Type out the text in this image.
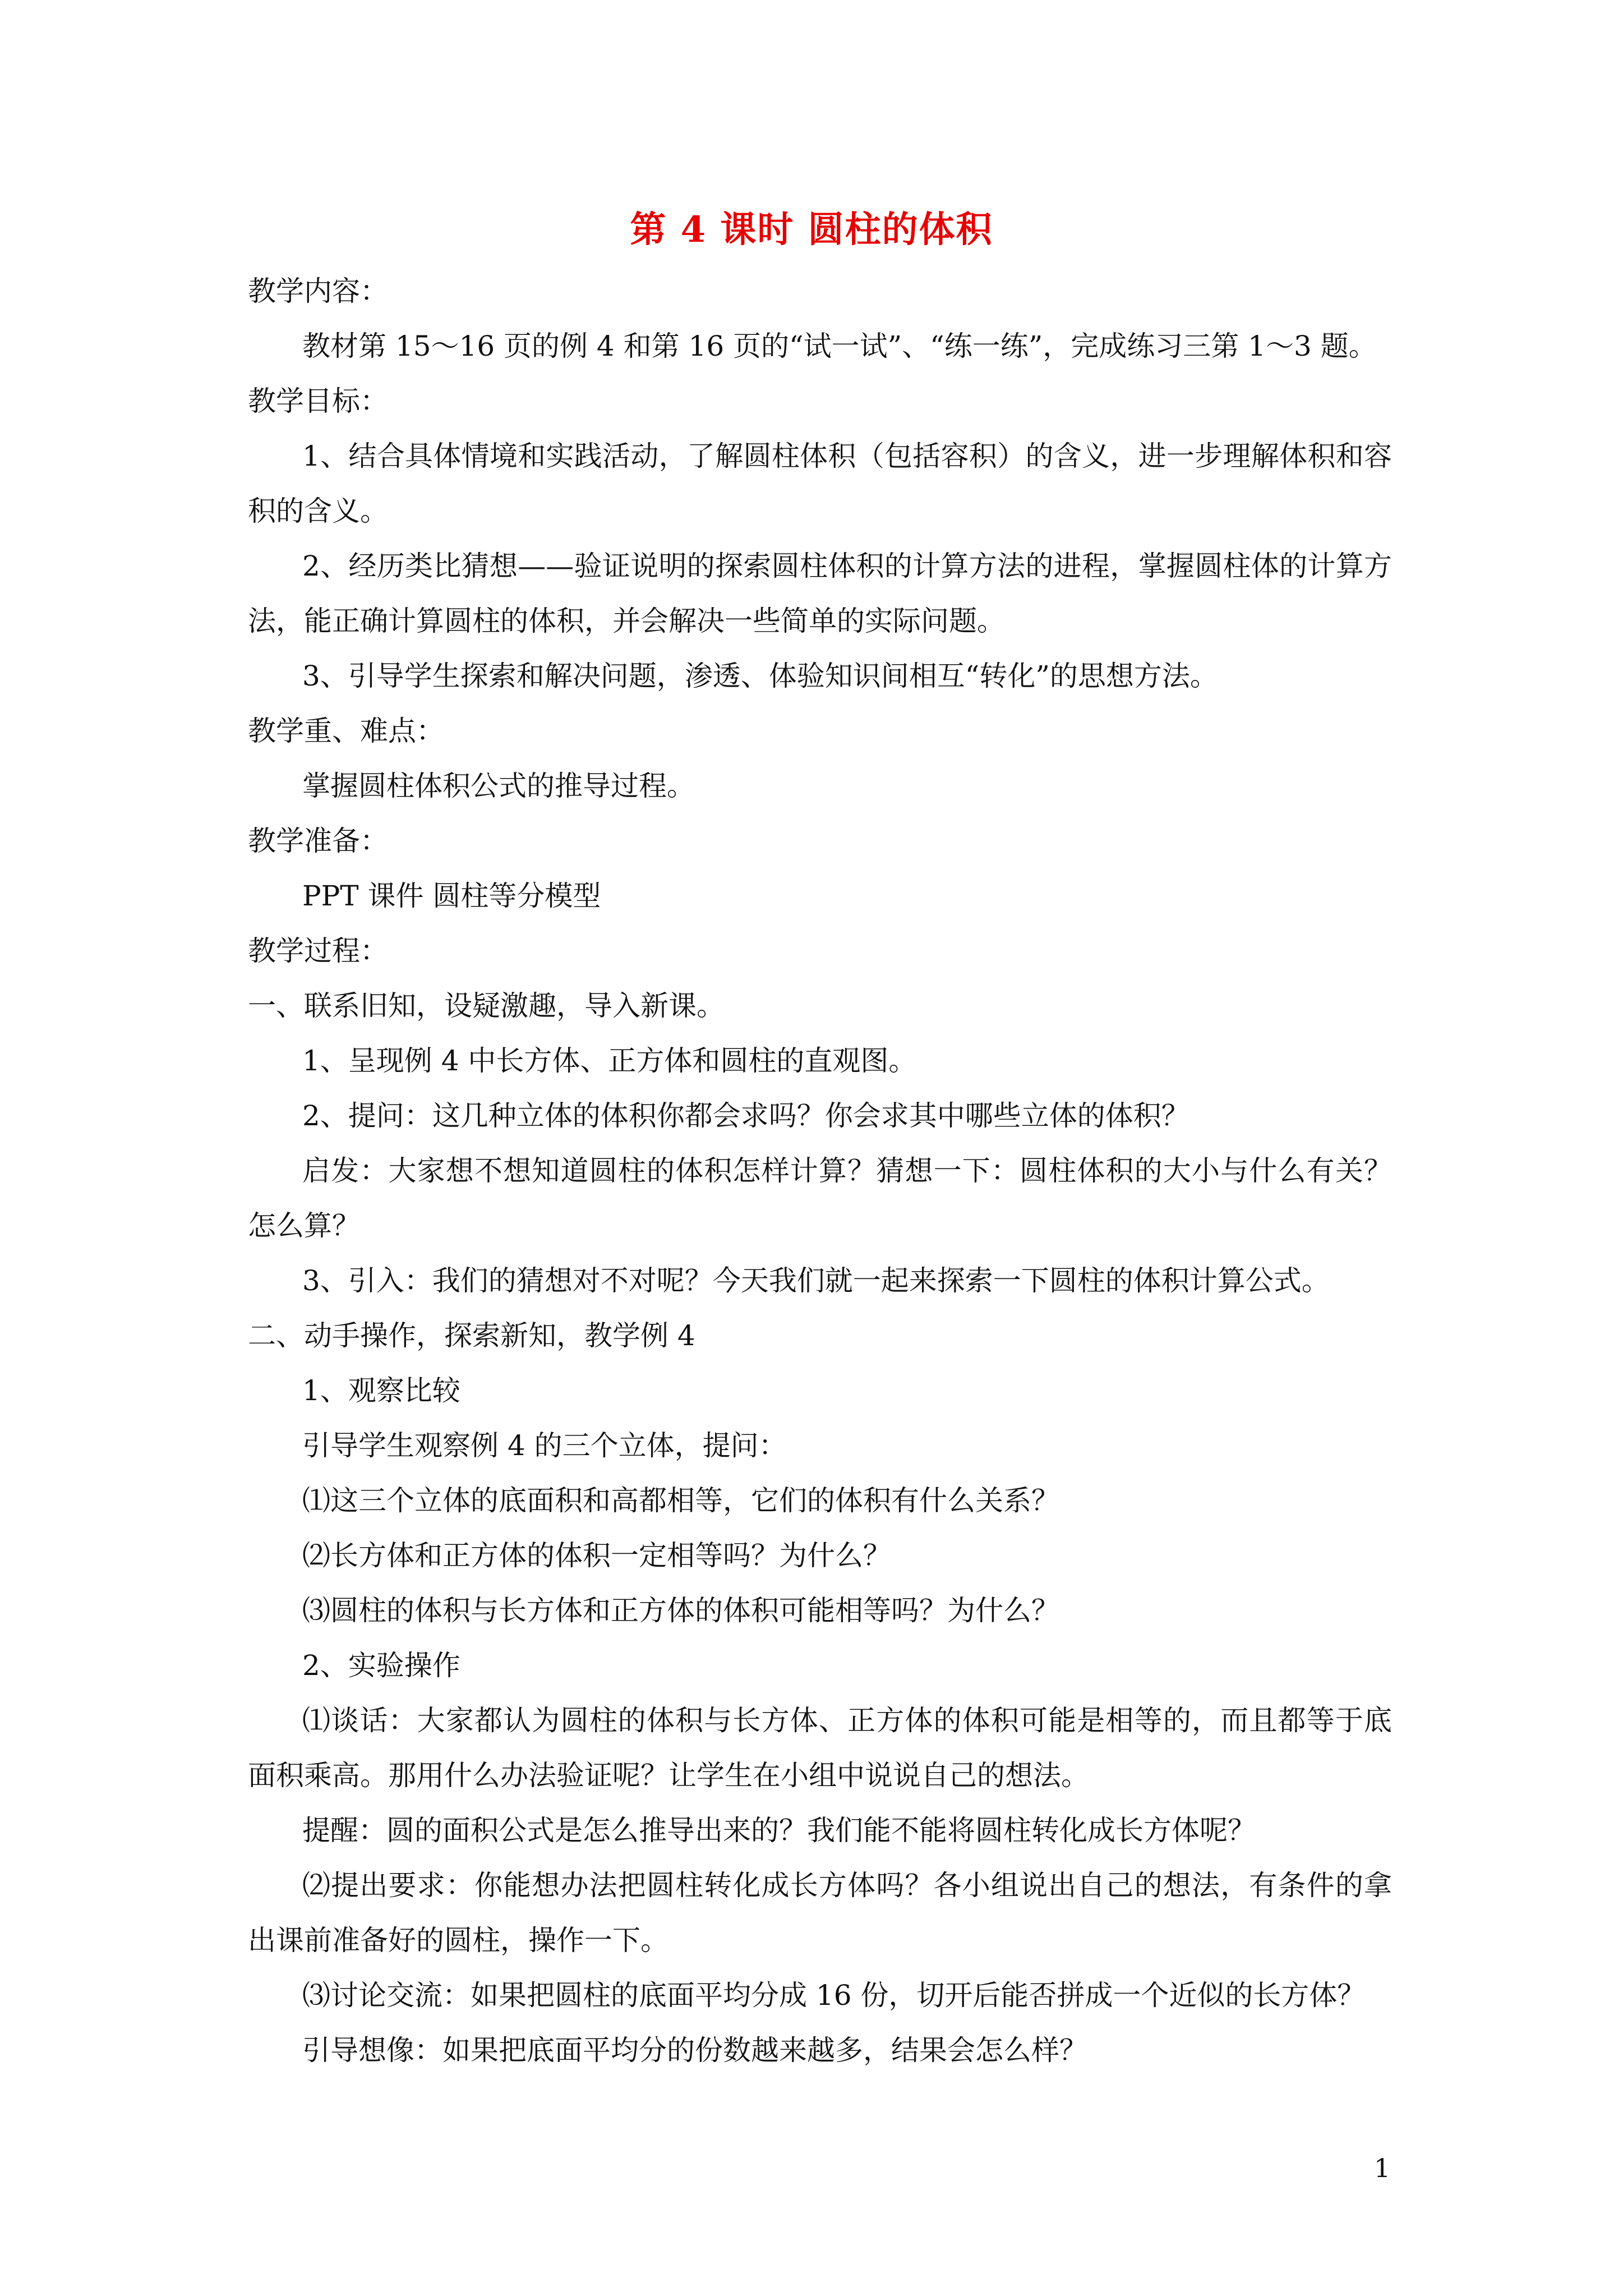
第 4 课时 圆柱的体积

教学内容：

教材第 15～16 页的例 4 和第 16 页的“试一试”、“练一练”，完成练习三第 1～3 题。

教学目标：

1、结合具体情境和实践活动，了解圆柱体积（包括容积）的含义，进一步理解体积和容积的含义。

2、经历类比猜想——验证说明的探索圆柱体积的计算方法的进程，掌握圆柱体的计算方法，能正确计算圆柱的体积，并会解决一些简单的实际问题。

3、引导学生探索和解决问题，渗透、体验知识间相互“转化”的思想方法。

教学重、难点：

掌握圆柱体积公式的推导过程。

教学准备：

PPT 课件 圆柱等分模型

教学过程：

一、联系旧知，设疑激趣，导入新课。

1、呈现例 4 中长方体、正方体和圆柱的直观图。

2、提问：这几种立体的体积你都会求吗？你会求其中哪些立体的体积？

启发：大家想不想知道圆柱的体积怎样计算？猜想一下：圆柱体积的大小与什么有关？怎么算？

3、引入：我们的猜想对不对呢？今天我们就一起来探索一下圆柱的体积计算公式。

二、动手操作，探索新知，教学例 4

1、观察比较

引导学生观察例 4 的三个立体，提问：

⑴这三个立体的底面积和高都相等，它们的体积有什么关系？

⑵长方体和正方体的体积一定相等吗？为什么？

⑶圆柱的体积与长方体和正方体的体积可能相等吗？为什么？

2、实验操作

⑴谈话：大家都认为圆柱的体积与长方体、正方体的体积可能是相等的，而且都等于底面积乘高。那用什么办法验证呢？让学生在小组中说说自己的想法。

提醒：圆的面积公式是怎么推导出来的？我们能不能将圆柱转化成长方体呢？

⑵提出要求：你能想办法把圆柱转化成长方体吗？各小组说出自己的想法，有条件的拿出课前准备好的圆柱，操作一下。

⑶讨论交流：如果把圆柱的底面平均分成 16 份，切开后能否拼成一个近似的长方体？

引导想像：如果把底面平均分的份数越来越多，结果会怎么样？

1
